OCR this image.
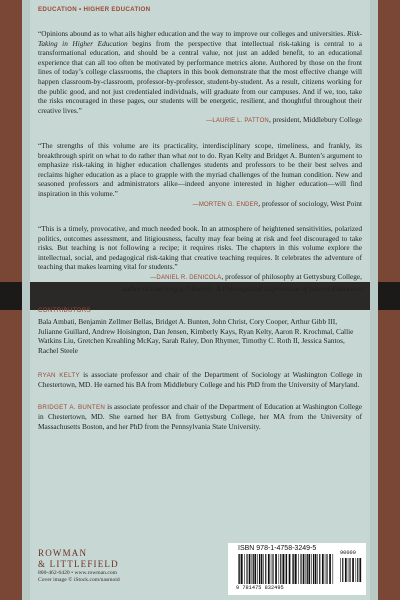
EDUCATION • HIGHER EDUCATION

“Opinions abound as to what ails higher education and the way to improve our colleges and universities. Risk-Taking in Higher Education begins from the perspective that intellectual risk-taking is central to a transformational education, and should be a central value, not just an added benefit, to an educational experience that can all too often be motivated by performance metrics alone. Authored by those on the front lines of today’s college classrooms, the chapters in this book demonstrate that the most effective change will happen classroom-by-classroom, professor-by-professor, student-by-student. As a result, citizens working for the public good, and not just credentialed individuals, will graduate from our campuses. And if we, too, take the risks encouraged in these pages, our students will be energetic, resilient, and thoughtful throughout their creative lives.”

—LAURIE L. PATTON, president, Middlebury College

“The strengths of this volume are its practicality, interdisciplinary scope, timeliness, and frankly, its breakthrough spirit on what to do rather than what not to do. Ryan Kelty and Bridget A. Bunten’s argument to emphasize risk-taking in higher education challenges students and professors to be their best selves and reclaims higher education as a place to grapple with the myriad challenges of the human condition. New and seasoned professors and administrators alike—indeed anyone interested in higher education—will find inspiration in this volume.”

—MORTEN G. ENDER, professor of sociology, West Point

“This is a timely, provocative, and much needed book. In an atmosphere of heightened sensitivities, polarized politics, outcomes assessment, and litigiousness, faculty may fear being at risk and feel discouraged to take risks. But teaching is not following a recipe; it requires risks. The chapters in this volume explore the intellectual, social, and pedagogical risk-taking that creative teaching requires. It celebrates the adventure of teaching that makes learning vital for students.”

—DANIEL R. DENICOLA, professor of philosophy at Gettysburg College,
author of Learning to Flourish: A Philosophical Exploration of Liberal Education

CONTRIBUTORS

Bala Ambati, Benjamin Zellmer Bellas, Bridget A. Bunten, John Christ, Cory Cooper, Arthur Gibb III, Julianne Guillard, Andrew Hoisington, Dan Jensen, Kimberly Kays, Ryan Kelty, Aaron R. Krochmal, Callie Watkins Liu, Gretchen Kreahling McKay, Sarah Raley, Don Rhymer, Timothy C. Roth II, Jessica Santos, Rachel Steele

RYAN KELTY is associate professor and chair of the Department of Sociology at Washington College in Chestertown, MD. He earned his BA from Middlebury College and his PhD from the University of Maryland.

BRIDGET A. BUNTEN is associate professor and chair of the Department of Education at Washington College in Chestertown, MD. She earned her BA from Gettysburg College, her MA from the University of Massachusetts Boston, and her PhD from the Pennsylvania State University.

ROWMAN
& LITTLEFIELD
800-462-6420 • www.rowman.com
Cover image © iStock.com/nasmoid
ISBN 978-1-4758-3249-5
9 781475 832495
90000
